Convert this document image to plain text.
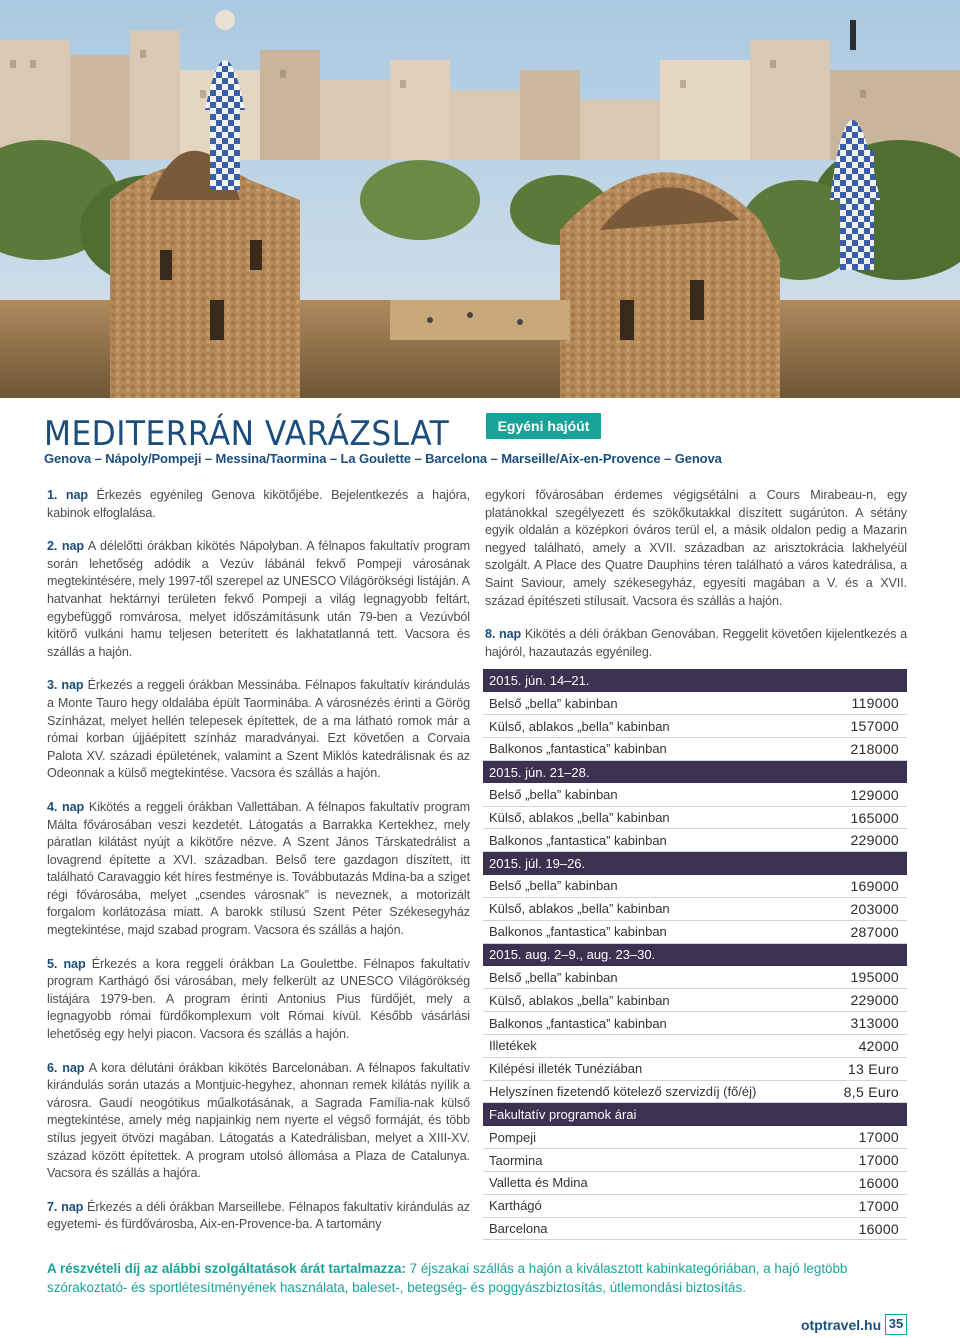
MEDITERRÁN VARÁZSLAT	Egyéni hajóút
Genova – Nápoly/Pompeji – Messina/Taormina – La Goulette – Barcelona – Marseille/Aix-en-Provence – Genova

1. nap Érkezés egyénileg Genova kikötőjébe. Bejelentkezés a hajóra, kabinok elfoglalása.

2. nap A délelőtti órákban kikötés Nápolyban. A félnapos fakultatív program során lehetőség adódik a Vezúv lábánál fekvő Pompeji városának megtekintésére, mely 1997-től szerepel az UNESCO Világörökségi listáján. A hatvanhat hektárnyi területen fekvő Pompeji a világ legnagyobb feltárt, egybefüggő romvárosa, melyet időszámításunk után 79-ben a Vezúvból kitörő vulkáni hamu teljesen beterített és lakhatatlanná tett. Vacsora és szállás a hajón.

3. nap Érkezés a reggeli órákban Messinába. Félnapos fakultatív kirándulás a Monte Tauro hegy oldalába épült Taorminába. A városnézés érinti a Görög Színházat, melyet hellén telepesek építettek, de a ma látható romok már a római korban újjáépített színház maradványai. Ezt követően a Corvaia Palota XV. századi épületének, valamint a Szent Miklós katedrálisnak és az Odeonnak a külső megtekintése. Vacsora és szállás a hajón.

4. nap Kikötés a reggeli órákban Vallettában. A félnapos fakultatív program Málta fővárosában veszi kezdetét. Látogatás a Barrakka Kertekhez, mely páratlan kilátást nyújt a kikötőre nézve. A Szent János Társkatedrálist a lovagrend építette a XVI. században. Belső tere gazdagon díszített, itt található Caravaggio két híres festménye is. Továbbutazás Mdina-ba a sziget régi fővárosába, melyet „csendes városnak” is neveznek, a motorizált forgalom korlátozása miatt. A barokk stílusú Szent Péter Székesegyház megtekintése, majd szabad program. Vacsora és szállás a hajón.

5. nap Érkezés a kora reggeli órákban La Goulettbe. Félnapos fakultatív program Karthágó ősi városában, mely felkerült az UNESCO Világörökség listájára 1979-ben. A program érinti Antonius Pius fürdőjét, mely a legnagyobb római fürdőkomplexum volt Római kívül. Később vásárlási lehetőség egy helyi piacon. Vacsora és szállás a hajón.

6. nap A kora délutáni órákban kikötés Barcelonában. A félnapos fakultatív kirándulás során utazás a Montjuic-hegyhez, ahonnan remek kilátás nyílik a városra. Gaudí neogótikus műalkotásának, a Sagrada Família-nak külső megtekintése, amely még napjainkig nem nyerte el végső formáját, és több stílus jegyeit ötvözi magában. Látogatás a Katedrálisban, melyet a XIII-XV. század között építettek. A program utolsó állomása a Plaza de Catalunya. Vacsora és szállás a hajóra.

7. nap Érkezés a déli órákban Marseillebe. Félnapos fakultatív kirándulás az egyetemi- és fürdővárosba, Aix-en-Provence-ba. A tartomány

egykori fővárosában érdemes végigsétálni a Cours Mirabeau-n, egy platánokkal szegélyezett és szökőkutakkal díszített sugárúton. A sétány egyik oldalán a középkori óváros terül el, a másik oldalon pedig a Mazarin negyed található, amely a XVII. században az arisztokrácia lakhelyéül szolgált. A Place des Quatre Dauphins téren található a város katedrálisa, a Saint Saviour, amely székesegyház, egyesíti magában a V. és a XVII. század építészeti stílusait. Vacsora és szállás a hajón.

8. nap Kikötés a déli órákban Genovában. Reggelit követően kijelentkezés a hajóról, hazautazás egyénileg.

2015. jún. 14–21.	
Belső „bella” kabinban	119000
Külső, ablakos „bella” kabinban	157000
Balkonos „fantastica” kabinban	218000
2015. jún. 21–28.	
Belső „bella” kabinban	129000
Külső, ablakos „bella” kabinban	165000
Balkonos „fantastica” kabinban	229000
2015. júl. 19–26.	
Belső „bella” kabinban	169000
Külső, ablakos „bella” kabinban	203000
Balkonos „fantastica” kabinban	287000
2015. aug. 2–9., aug. 23–30.	
Belső „bella” kabinban	195000
Külső, ablakos „bella” kabinban	229000
Balkonos „fantastica” kabinban	313000
Illetékek	42000
Kilépési illeték Tunéziában	13 Euro
Helyszínen fizetendő kötelező szervizdíj (fő/éj)	8,5 Euro
Fakultatív programok árai	
Pompeji	17000
Taormina	17000
Valletta és Mdina	16000
Karthágó	17000
Barcelona	16000

A részvételi díj az alábbi szolgáltatások árát tartalmazza: 7 éjszakai szállás a hajón a kiválasztott kabinkategóriában, a hajó legtöbb szórakoztató- és sportlétesítményének használata, baleset-, betegség- és poggyászbiztosítás, útlemondási biztosítás.

otptravel.hu 35
